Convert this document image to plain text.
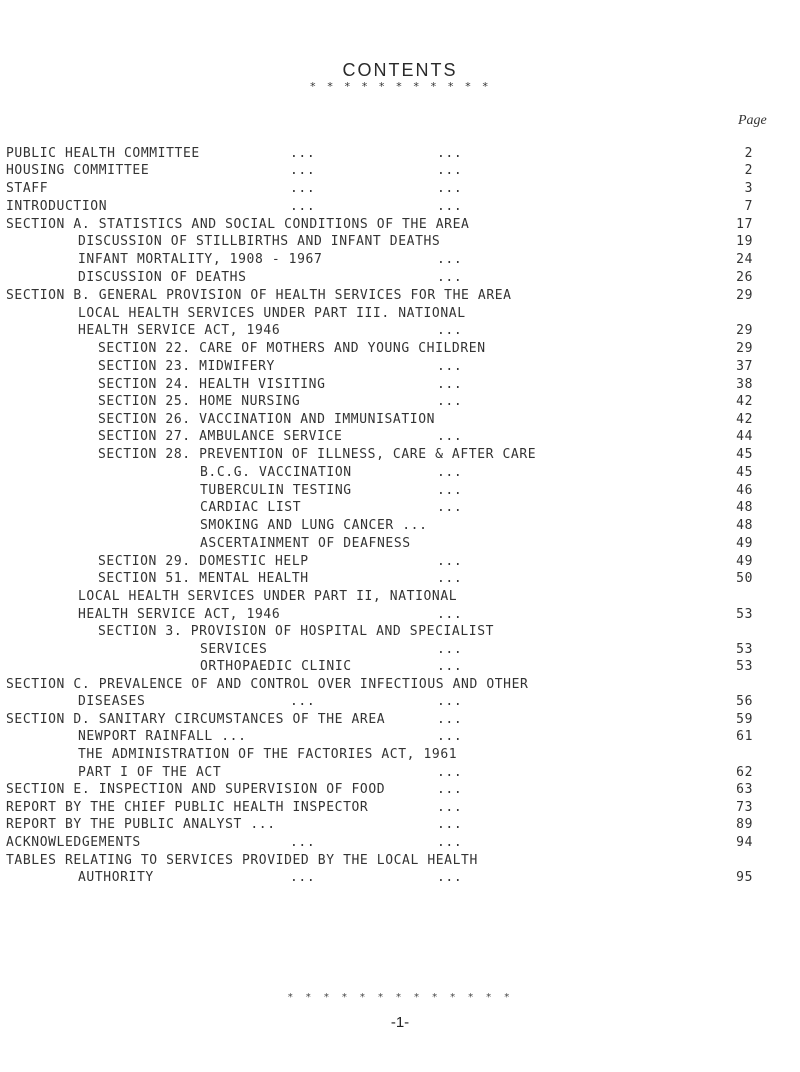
CONTENTS
* * * * * * * * * * *
Page
PUBLIC HEALTH COMMITTEE	...	...	2
HOUSING COMMITTEE	...	...	2
STAFF	...	...	3
INTRODUCTION	...	...	7
SECTION A. STATISTICS AND SOCIAL CONDITIONS OF THE AREA	17
DISCUSSION OF STILLBIRTHS AND INFANT DEATHS	19
INFANT MORTALITY, 1908 - 1967	...	24
DISCUSSION OF DEATHS	...	26
SECTION B. GENERAL PROVISION OF HEALTH SERVICES FOR THE AREA	29
LOCAL HEALTH SERVICES UNDER PART III. NATIONAL
HEALTH SERVICE ACT, 1946	...	29
SECTION 22. CARE OF MOTHERS AND YOUNG CHILDREN	29
SECTION 23. MIDWIFERY	...	37
SECTION 24. HEALTH VISITING	...	38
SECTION 25. HOME NURSING	...	42
SECTION 26. VACCINATION AND IMMUNISATION	42
SECTION 27. AMBULANCE SERVICE	...	44
SECTION 28. PREVENTION OF ILLNESS, CARE & AFTER CARE	45
B.C.G. VACCINATION	...	45
TUBERCULIN TESTING	...	46
CARDIAC LIST	...	48
SMOKING AND LUNG CANCER ...	48
ASCERTAINMENT OF DEAFNESS	49
SECTION 29. DOMESTIC HELP	...	49
SECTION 51. MENTAL HEALTH	...	50
LOCAL HEALTH SERVICES UNDER PART II, NATIONAL
HEALTH SERVICE ACT, 1946	...	53
SECTION 3. PROVISION OF HOSPITAL AND SPECIALIST
SERVICES	...	53
ORTHOPAEDIC CLINIC	...	53
SECTION C. PREVALENCE OF AND CONTROL OVER INFECTIOUS AND OTHER
DISEASES	...	...	56
SECTION D. SANITARY CIRCUMSTANCES OF THE AREA	...	59
NEWPORT RAINFALL ...	...	61
THE ADMINISTRATION OF THE FACTORIES ACT, 1961
PART I OF THE ACT	...	62
SECTION E. INSPECTION AND SUPERVISION OF FOOD	...	63
REPORT BY THE CHIEF PUBLIC HEALTH INSPECTOR	...	73
REPORT BY THE PUBLIC ANALYST ...	...	89
ACKNOWLEDGEMENTS	...	...	94
TABLES RELATING TO SERVICES PROVIDED BY THE LOCAL HEALTH
AUTHORITY	...	...	95
* * * * * * * * * * * * *
-1-
